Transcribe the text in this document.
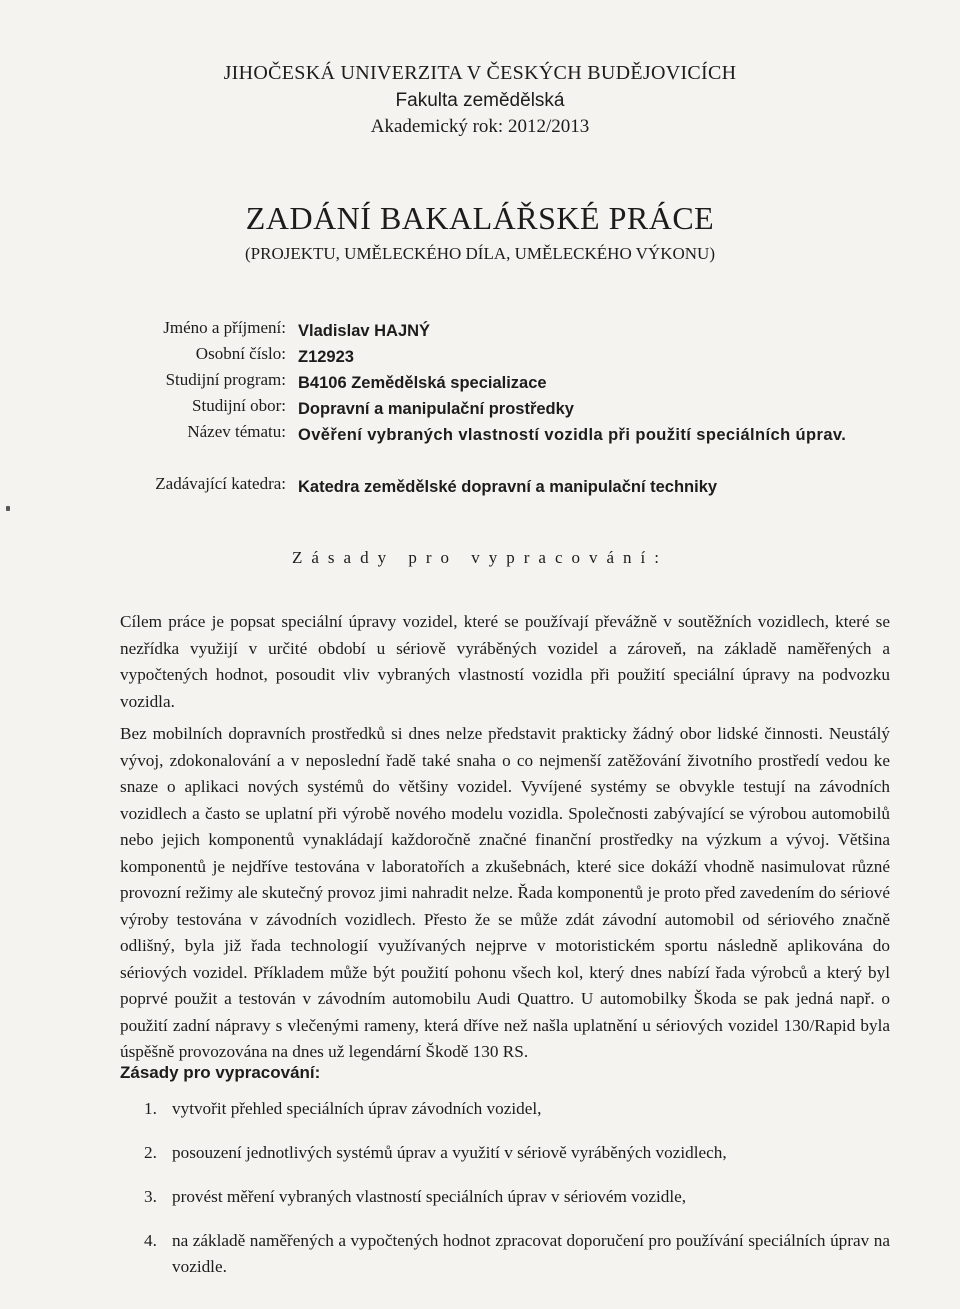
JIHOČESKÁ UNIVERZITA V ČESKÝCH BUDĚJOVICÍCH
Fakulta zemědělská
Akademický rok: 2012/2013
ZADÁNÍ BAKALÁŘSKÉ PRÁCE
(PROJEKTU, UMĚLECKÉHO DÍLA, UMĚLECKÉHO VÝKONU)
Jméno a příjmení: Vladislav HAJNÝ
Osobní číslo: Z12923
Studijní program: B4106 Zemědělská specializace
Studijní obor: Dopravní a manipulační prostředky
Název tématu: Ověření vybraných vlastností vozidla při použití speciálních úprav.
Zadávající katedra: Katedra zemědělské dopravní a manipulační techniky
Zásady pro vypracování:

Cílem práce je popsat speciální úpravy vozidel, které se používají převážně v soutěžních vozidlech, které se nezřídka využijí v určité období u sériově vyráběných vozidel a zároveň, na základě naměřených a vypočtených hodnot, posoudit vliv vybraných vlastností vozidla při použití speciální úpravy na podvozku vozidla.

Bez mobilních dopravních prostředků si dnes nelze představit prakticky žádný obor lidské činnosti. Neustálý vývoj, zdokonalování a v neposlední řadě také snaha o co nejmenší zatěžování životního prostředí vedou ke snaze o aplikaci nových systémů do většiny vozidel. Vyvíjené systémy se obvykle testují na závodních vozidlech a často se uplatní při výrobě nového modelu vozidla. Společnosti zabývající se výrobou automobilů nebo jejich komponentů vynakládají každoročně značné finanční prostředky na výzkum a vývoj. Většina komponentů je nejdříve testována v laboratořích a zkušebnách, které sice dokáží vhodně nasimulovat různé provozní režimy ale skutečný provoz jimi nahradit nelze. Řada komponentů je proto před zavedením do sériové výroby testována v závodních vozidlech. Přesto že se může zdát závodní automobil od sériového značně odlišný, byla již řada technologií využívaných nejprve v motoristickém sportu následně aplikována do sériových vozidel. Příkladem může být použití pohonu všech kol, který dnes nabízí řada výrobců a který byl poprvé použit a testován v závodním automobilu Audi Quattro. U automobilky Škoda se pak jedná např. o použití zadní nápravy s vlečenými rameny, která dříve než našla uplatnění u sériových vozidel 130/Rapid byla úspěšně provozována na dnes už legendární Škodě 130 RS.

Zásady pro vypracování:
1. vytvořit přehled speciálních úprav závodních vozidel,
2. posouzení jednotlivých systémů úprav a využití v sériově vyráběných vozidlech,
3. provést měření vybraných vlastností speciálních úprav v sériovém vozidle,
4. na základě naměřených a vypočtených hodnot zpracovat doporučení pro používání speciálních úprav na vozidle.
